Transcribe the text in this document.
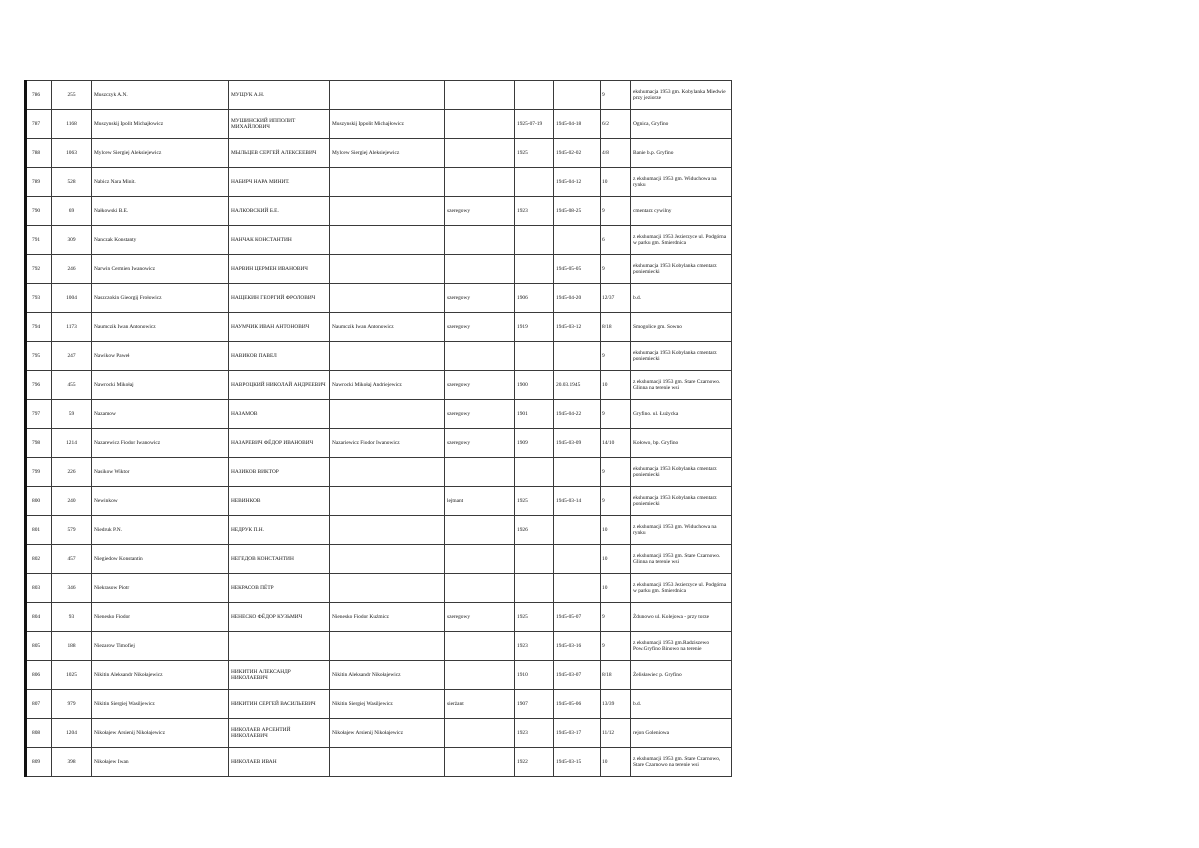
786	255	Muszczyk A.N.	МУЩУК А.Н.					9	ekshumacja 1953 gm. Kobylanka Miedwie przy jeziorze
787	1168	Muszynskij Ipolit Michajłowicz	МУШИНСКИЙ ИППОЛИТ МИХАЙЛОВИЧ	Muszynskij Ippolit Michajłowicz		1925-07-19	1945-04-18	6/2	Ognica, Gryfino
788	1063	Mylcew Siergiej Aleksiejewicz	МЫЛЬЦЕВ СЕРГЕЙ АЛЕКСЕЕВИЧ	Mylcew Siergiej Aleksiejewicz		1925	1945-02-02	4/8	Banie b.p. Gryfino
789	528	Nabicz Nara Minit.	НАБИРЧ НАРА МИНИТ.				1945-04-12	10	z ekshumacji 1953 gm. Widuchowa na rynku
790	69	Nałkowski B.E.	НАЛКОВСКИЙ Б.Е.		szeregowy	1923	1945-08-25	9	cmentarz cywilny
791	309	Nanczak Konstanty	НАНЧАК КОНСТАНТИН					6	z ekshumacji 1953 Jezierzyce ul. Podgórna w parku gm. Smierdnica
792	246	Narwin Cermien Iwanowicz	НАРВИН ЦЕРМЕН ИВАНОВИЧ				1945-05-05	9	ekshumacja 1953 Kobylanka cmentarz poniemiecki
793	1004	Naszczokin Gieorgij Frołowicz	НАЩЕКИН ГЕОРГИЙ ФРОЛОВИЧ		szeregowy	1906	1945-04-20	12/37	b.d.
794	1173	Naumczik Iwan Antonowicz	НАУМЧИК ИВАН АНТОНОВИЧ	Naumczik Iwan Antonowicz	szeregowy	1919	1945-03-12	8/18	Smogolice gm. Sowno
795	247	Nawikow Paweł	НАВИКОВ ПАВЕЛ					9	ekshumacja 1953 Kobylanka cmentarz poniemiecki
796	455	Nawrocki Mikołaj	НАВРОЦКИЙ НИКОЛАЙ АНДРЕЕВИЧ	Nawrocki Mikołaj Andriejewicz	szeregowy	1900	20.03.1945	10	z ekshumacji 1953 gm. Stare Czarnowo. Glinna na terenie wsi
797	59	Nazamow	НАЗАМОВ		szeregowy	1901	1945-04-22	9	Gryfino. ul. Łużycka
798	1214	Nazarewicz Fiodor Iwanowicz	НАЗАРЕВИЧ ФЁДОР ИВАНОВИЧ	Nazariewicz Fiodor Iwanowicz	szeregowy	1909	1945-03-09	14/10	Kołowo, bp. Gryfino
799	226	Nasikow Wiktor	НАЗИКОВ ВИКТОР					9	ekshumacja 1953 Kobylanka cmentarz poniemiecki
800	240	Newinkow	НЕВИНКОВ		lejtnant	1925	1945-03-14	9	ekshumacja 1953 Kobylanka cmentarz poniemiecki
801	579	Niedruk P.N.	НЕДРУК П.Н.			1926		10	z ekshumacji 1953 gm. Widuchowa na rynku
802	457	Niegiedow Konstantin	НЕГЕДОВ КОНСТАНТИН					10	z ekshumacji 1953 gm. Stare Czarnowo. Glinna na terenie wsi
803	346	Niekrasow Piotr	НЕКРАСОВ ПЁТР					10	z ekshumacji 1953 Jezierzyce ul. Podgórna w parku gm. Smierdnica
804	93	Nienesko Fiodor	НЕНЕСКО ФЁДОР КУЗЬМИЧ	Nienesko Fiodor Kuźmicz	szeregowy	1925	1945-05-07	9	Żdunowo ul. Kolejowa - przy torze
805	188	Niezarow Timofiej				1923	1945-03-16	9	z ekshumacji 1953 gm.Radziszewo Pow.Gryfino Binowo na terenie
806	1025	Nikitin Aleksandr Nikołajewicz	НИКИТИН АЛЕКСАНДР НИКОЛАЕВИЧ	Nikitin Aleksandr Nikołajewicz		1910	1945-03-07	8/18	Żelisławiec p. Gryfino
807	979	Nikitin Siergiej Wasiljewicz	НИКИТИН СЕРГЕЙ ВАСИЛЬЕВИЧ	Nikitin Siergiej Wasiljewicz	sierżant	1907	1945-05-06	13/39	b.d.
808	1204	Nikołajew Arsienij Nikołajewicz	НИКОЛАЕВ АРСЕНТИЙ НИКОЛАЕВИЧ	Nikołajew Arsienij Nikołajewicz		1923	1945-03-17	11/12	rejon Goleniowa
809	398	Nikołajew Iwan	НИКОЛАЕВ ИВАН			1922	1945-03-15	10	z ekshumacji 1953 gm. Stare Czarnowo, Stare Czarnowo na terenie wsi
